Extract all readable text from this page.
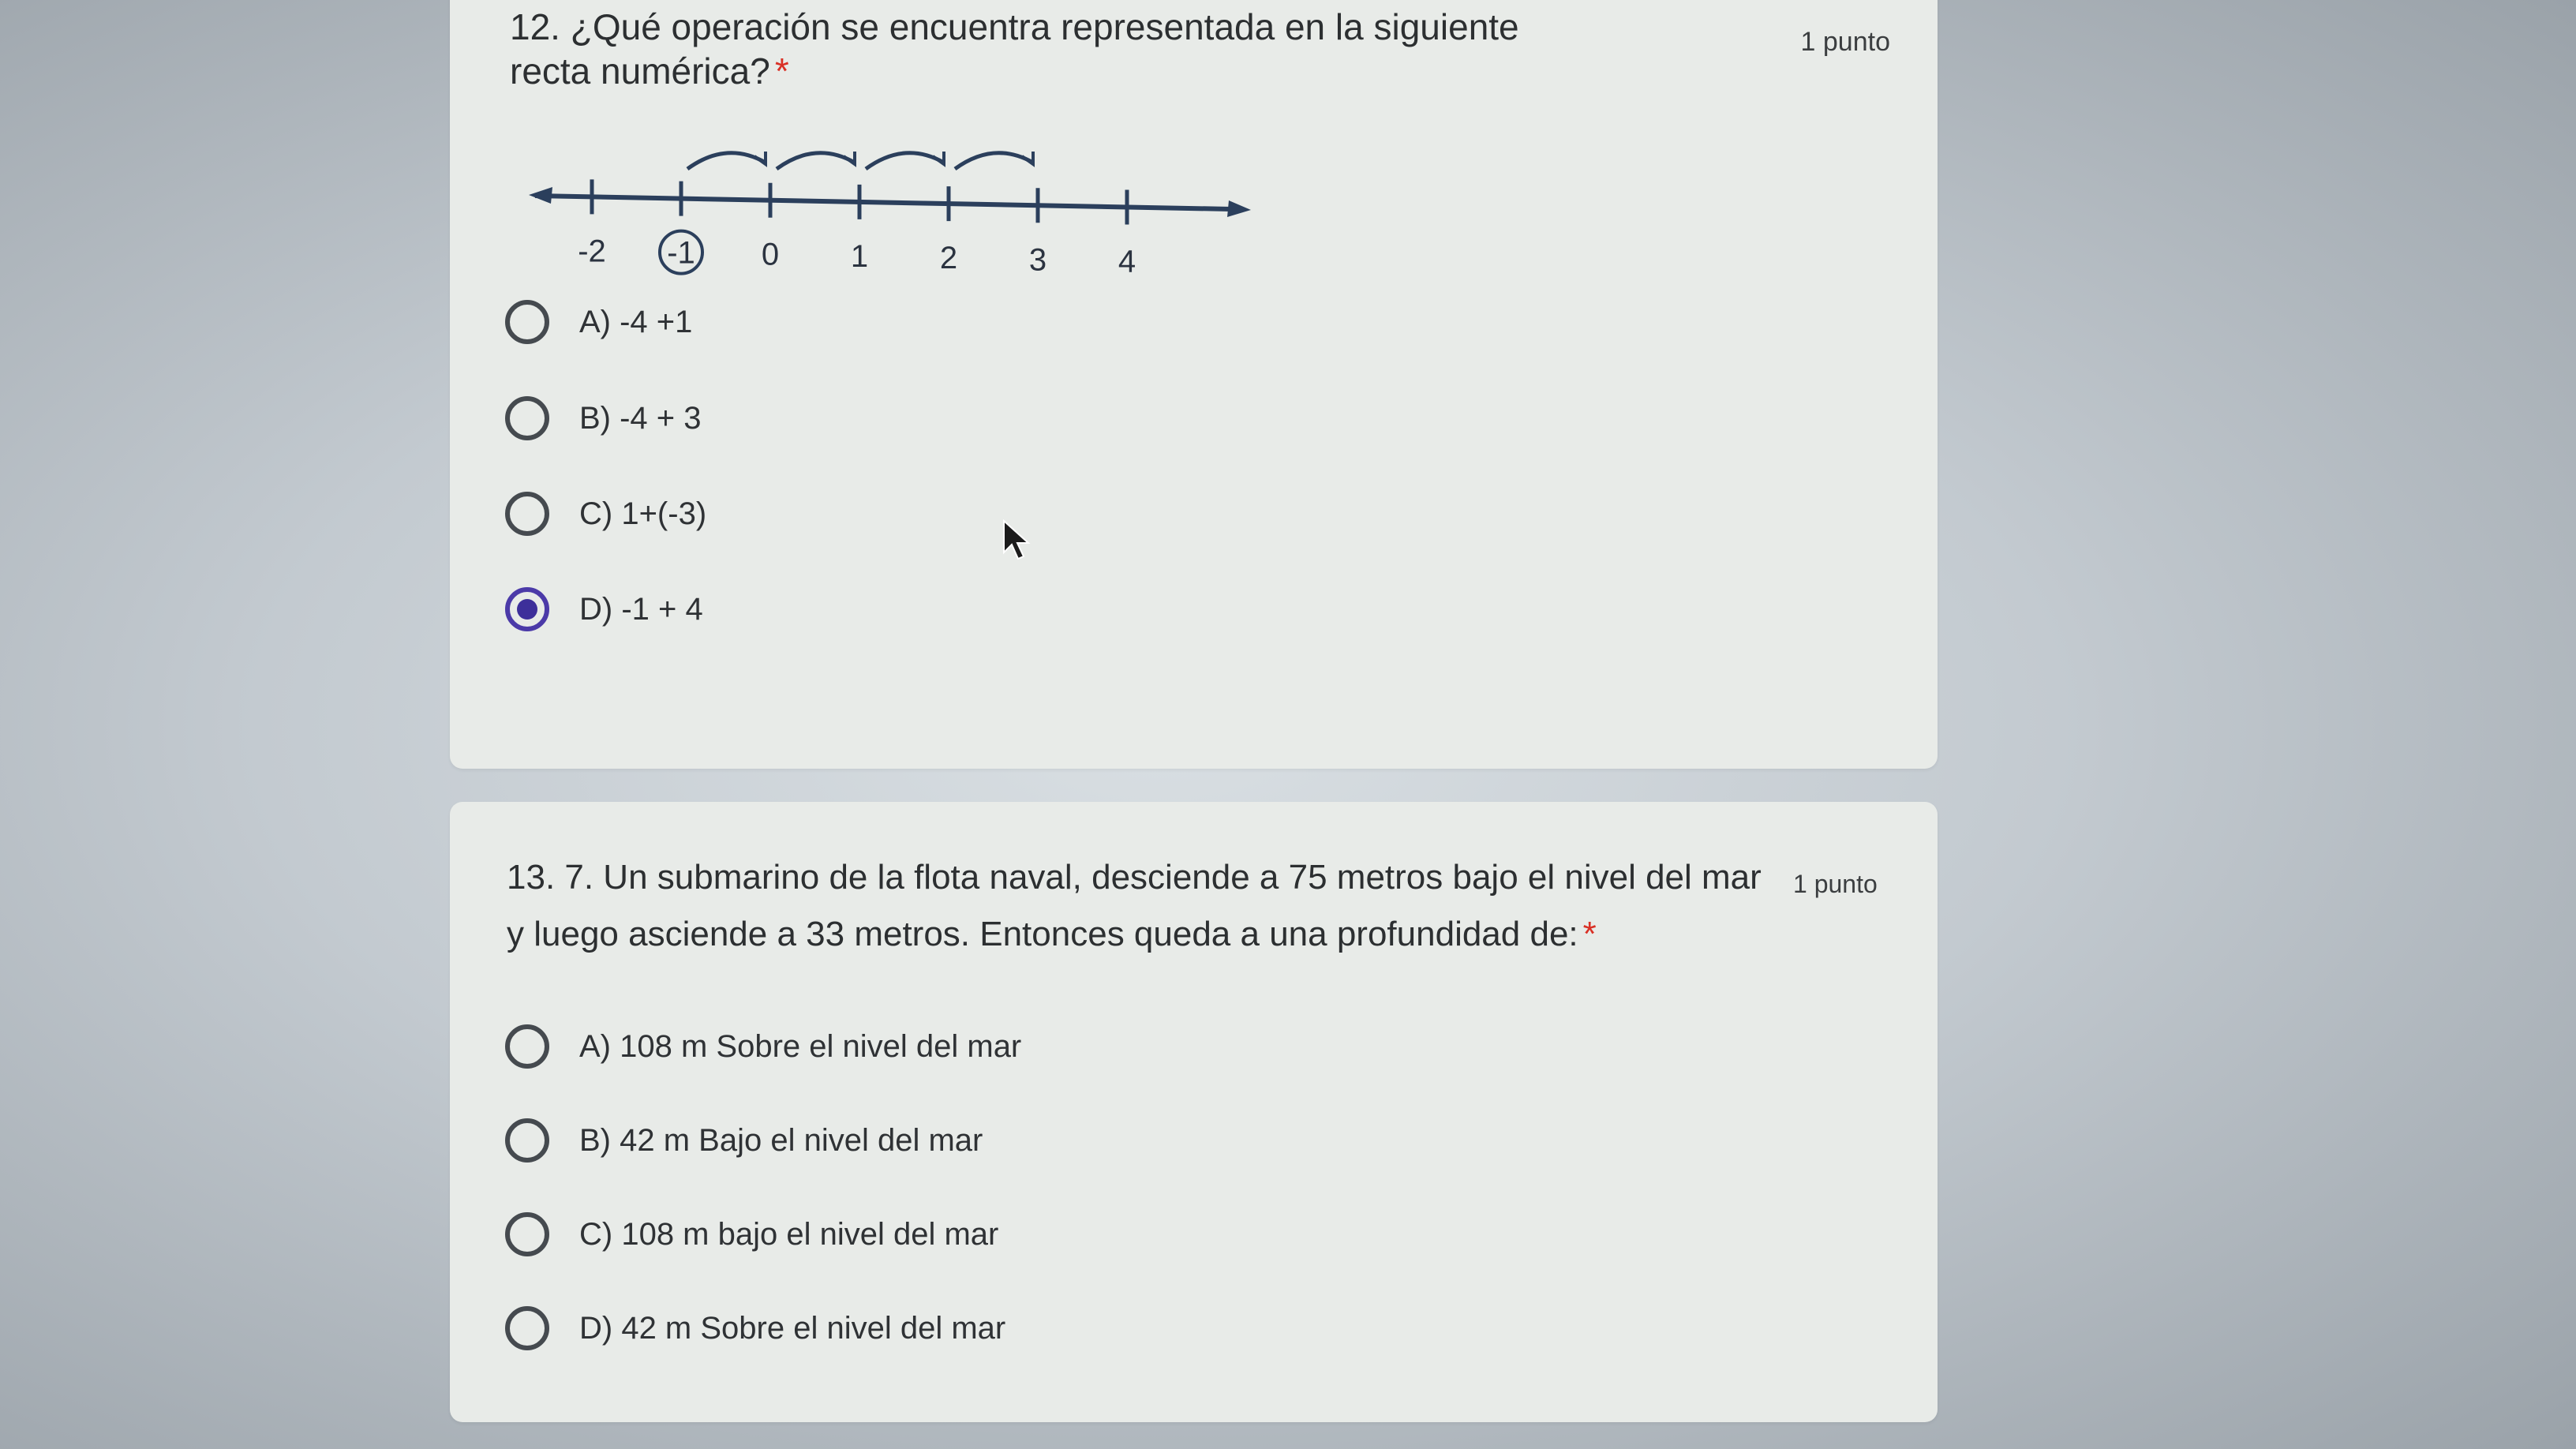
12. ¿Qué operación se encuentra representada en la siguiente recta numérica? *
1 punto
-2 -1 0 1 2 3 4
A) -4 +1
B) -4 + 3
C) 1+(-3)
D) -1 + 4
13. 7. Un submarino de la flota naval, desciende a 75 metros bajo el nivel del mar y luego asciende a 33 metros. Entonces queda a una profundidad de: *
1 punto
A) 108 m Sobre el nivel del mar
B) 42 m Bajo el nivel del mar
C) 108 m bajo el nivel del mar
D) 42 m Sobre el nivel del mar
